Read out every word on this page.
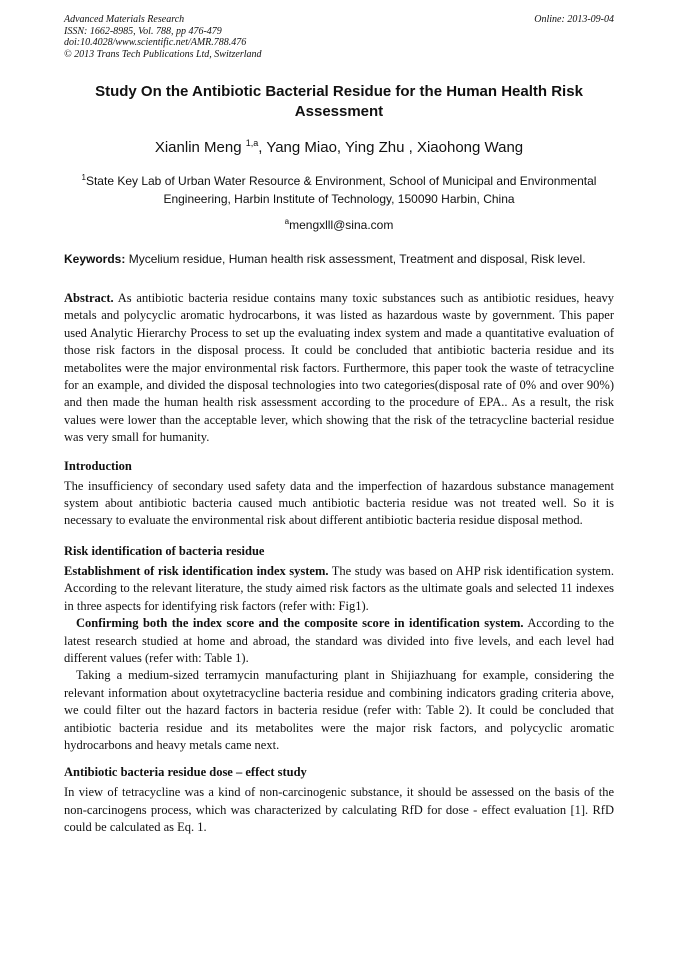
Advanced Materials Research
ISSN: 1662-8985, Vol. 788, pp 476-479
doi:10.4028/www.scientific.net/AMR.788.476
© 2013 Trans Tech Publications Ltd, Switzerland
Online: 2013-09-04
Study On the Antibiotic Bacterial Residue for the Human Health Risk Assessment
Xianlin Meng $^{1,a}$, Yang Miao, Ying Zhu , Xiaohong Wang
$^1$State Key Lab of Urban Water Resource & Environment, School of Municipal and Environmental Engineering, Harbin Institute of Technology, 150090 Harbin, China
$^a$mengxlll@sina.com
Keywords: Mycelium residue, Human health risk assessment, Treatment and disposal, Risk level.
Abstract. As antibiotic bacteria residue contains many toxic substances such as antibiotic residues, heavy metals and polycyclic aromatic hydrocarbons, it was listed as hazardous waste by government. This paper used Analytic Hierarchy Process to set up the evaluating index system and made a quantitative evaluation of those risk factors in the disposal process. It could be concluded that antibiotic bacteria residue and its metabolites were the major environmental risk factors. Furthermore, this paper took the waste of tetracycline for an example, and divided the disposal technologies into two categories(disposal rate of 0% and over 90%) and then made the human health risk assessment according to the procedure of EPA.. As a result, the risk values were lower than the acceptable lever, which showing that the risk of the tetracycline bacterial residue was very small for humanity.
Introduction
The insufficiency of secondary used safety data and the imperfection of hazardous substance management system about antibiotic bacteria caused much antibiotic bacteria residue was not treated well. So it is necessary to evaluate the environmental risk about different antibiotic bacteria residue disposal method.
Risk identification of bacteria residue
Establishment of risk identification index system. The study was based on AHP risk identification system. According to the relevant literature, the study aimed risk factors as the ultimate goals and selected 11 indexes in three aspects for identifying risk factors (refer with: Fig1).
Confirming both the index score and the composite score in identification system. According to the latest research studied at home and abroad, the standard was divided into five levels, and each level had different values (refer with: Table 1).
Taking a medium-sized terramycin manufacturing plant in Shijiazhuang for example, considering the relevant information about oxytetracycline bacteria residue and combining indicators grading criteria above, we could filter out the hazard factors in bacteria residue (refer with: Table 2). It could be concluded that antibiotic bacteria residue and its metabolites were the major risk factors, and polycyclic aromatic hydrocarbons and heavy metals came next.
Antibiotic bacteria residue dose – effect study
In view of tetracycline was a kind of non-carcinogenic substance, it should be assessed on the basis of the non-carcinogens process, which was characterized by calculating RfD for dose - effect evaluation [1]. RfD could be calculated as Eq. 1.
